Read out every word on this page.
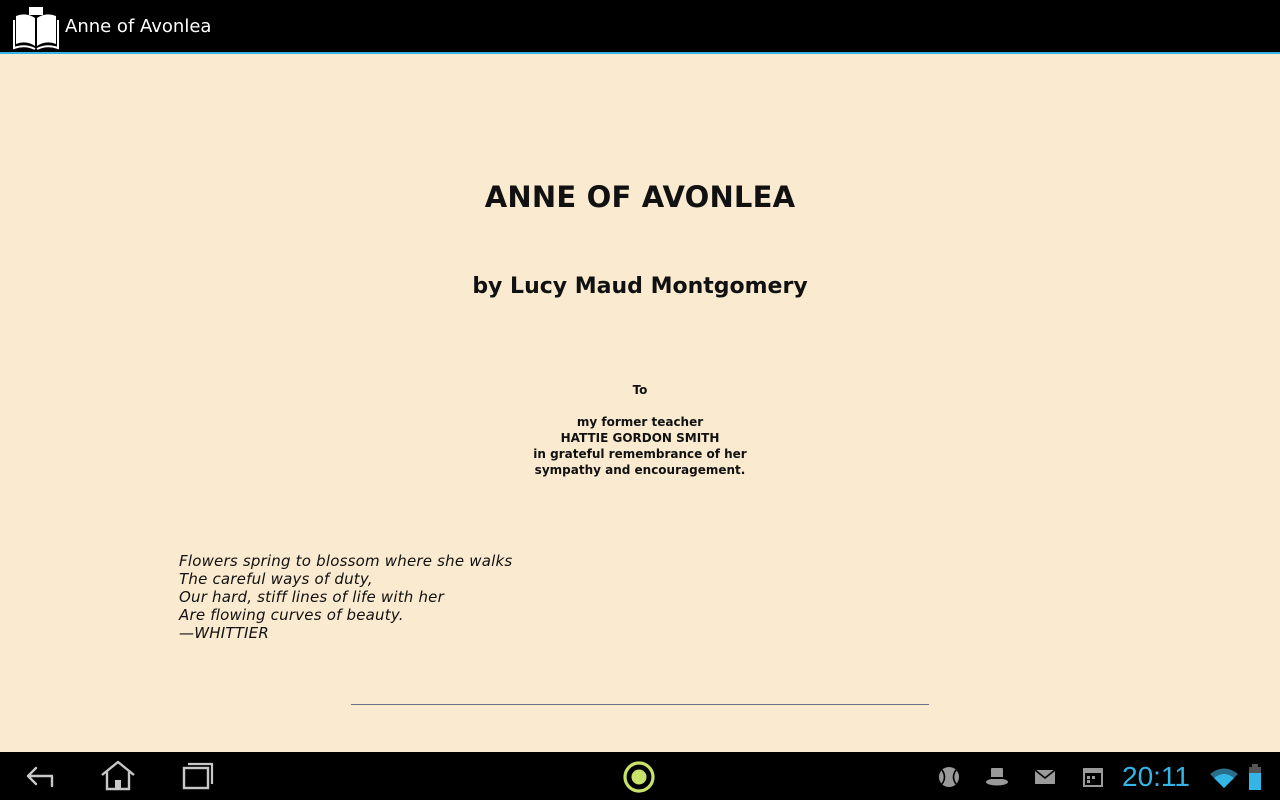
Anne of Avonlea
ANNE OF AVONLEA
by Lucy Maud Montgomery
To
my former teacher
HATTIE GORDON SMITH
in grateful remembrance of her
sympathy and encouragement.
Flowers spring to blossom where she walks
The careful ways of duty,
Our hard, stiff lines of life with her
Are flowing curves of beauty.
—WHITTIER
20:11
